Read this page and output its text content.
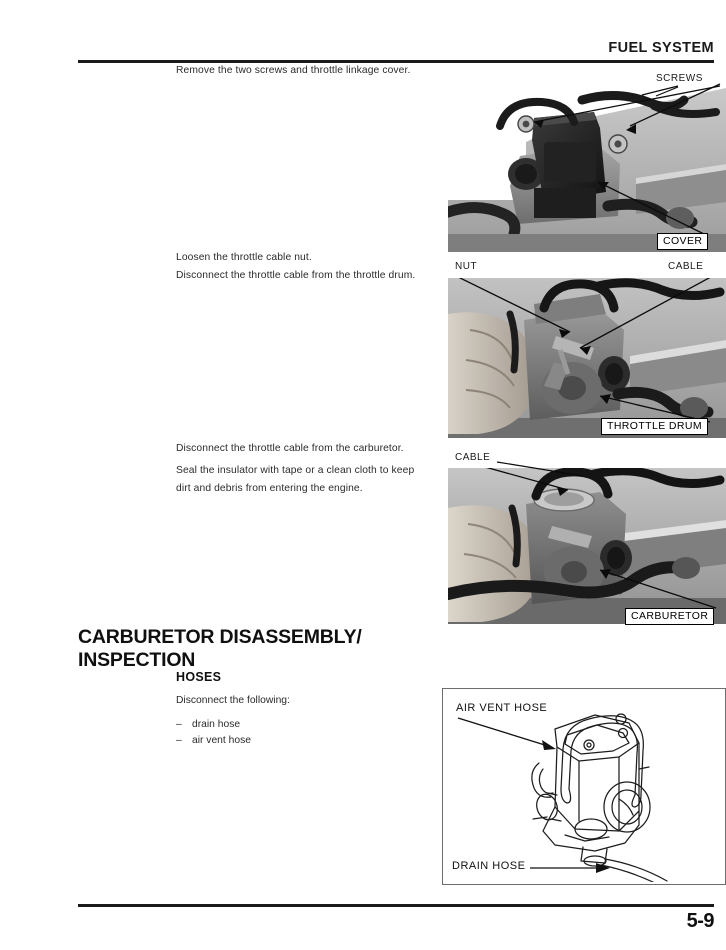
FUEL SYSTEM

Remove the two screws and throttle linkage cover.

SCREWS
COVER

Loosen the throttle cable nut.

Disconnect the throttle cable from the throttle drum.

NUT	CABLE
THROTTLE DRUM

Disconnect the throttle cable from the carburetor.

Seal the insulator with tape or a clean cloth to keep

dirt and debris from entering the engine.

CABLE
CARBURETOR
CARBURETOR DISASSEMBLY/
INSPECTION
HOSES

Disconnect the following:

– drain hose
– air vent hose
AIR VENT HOSE
DRAIN HOSE
5-9
